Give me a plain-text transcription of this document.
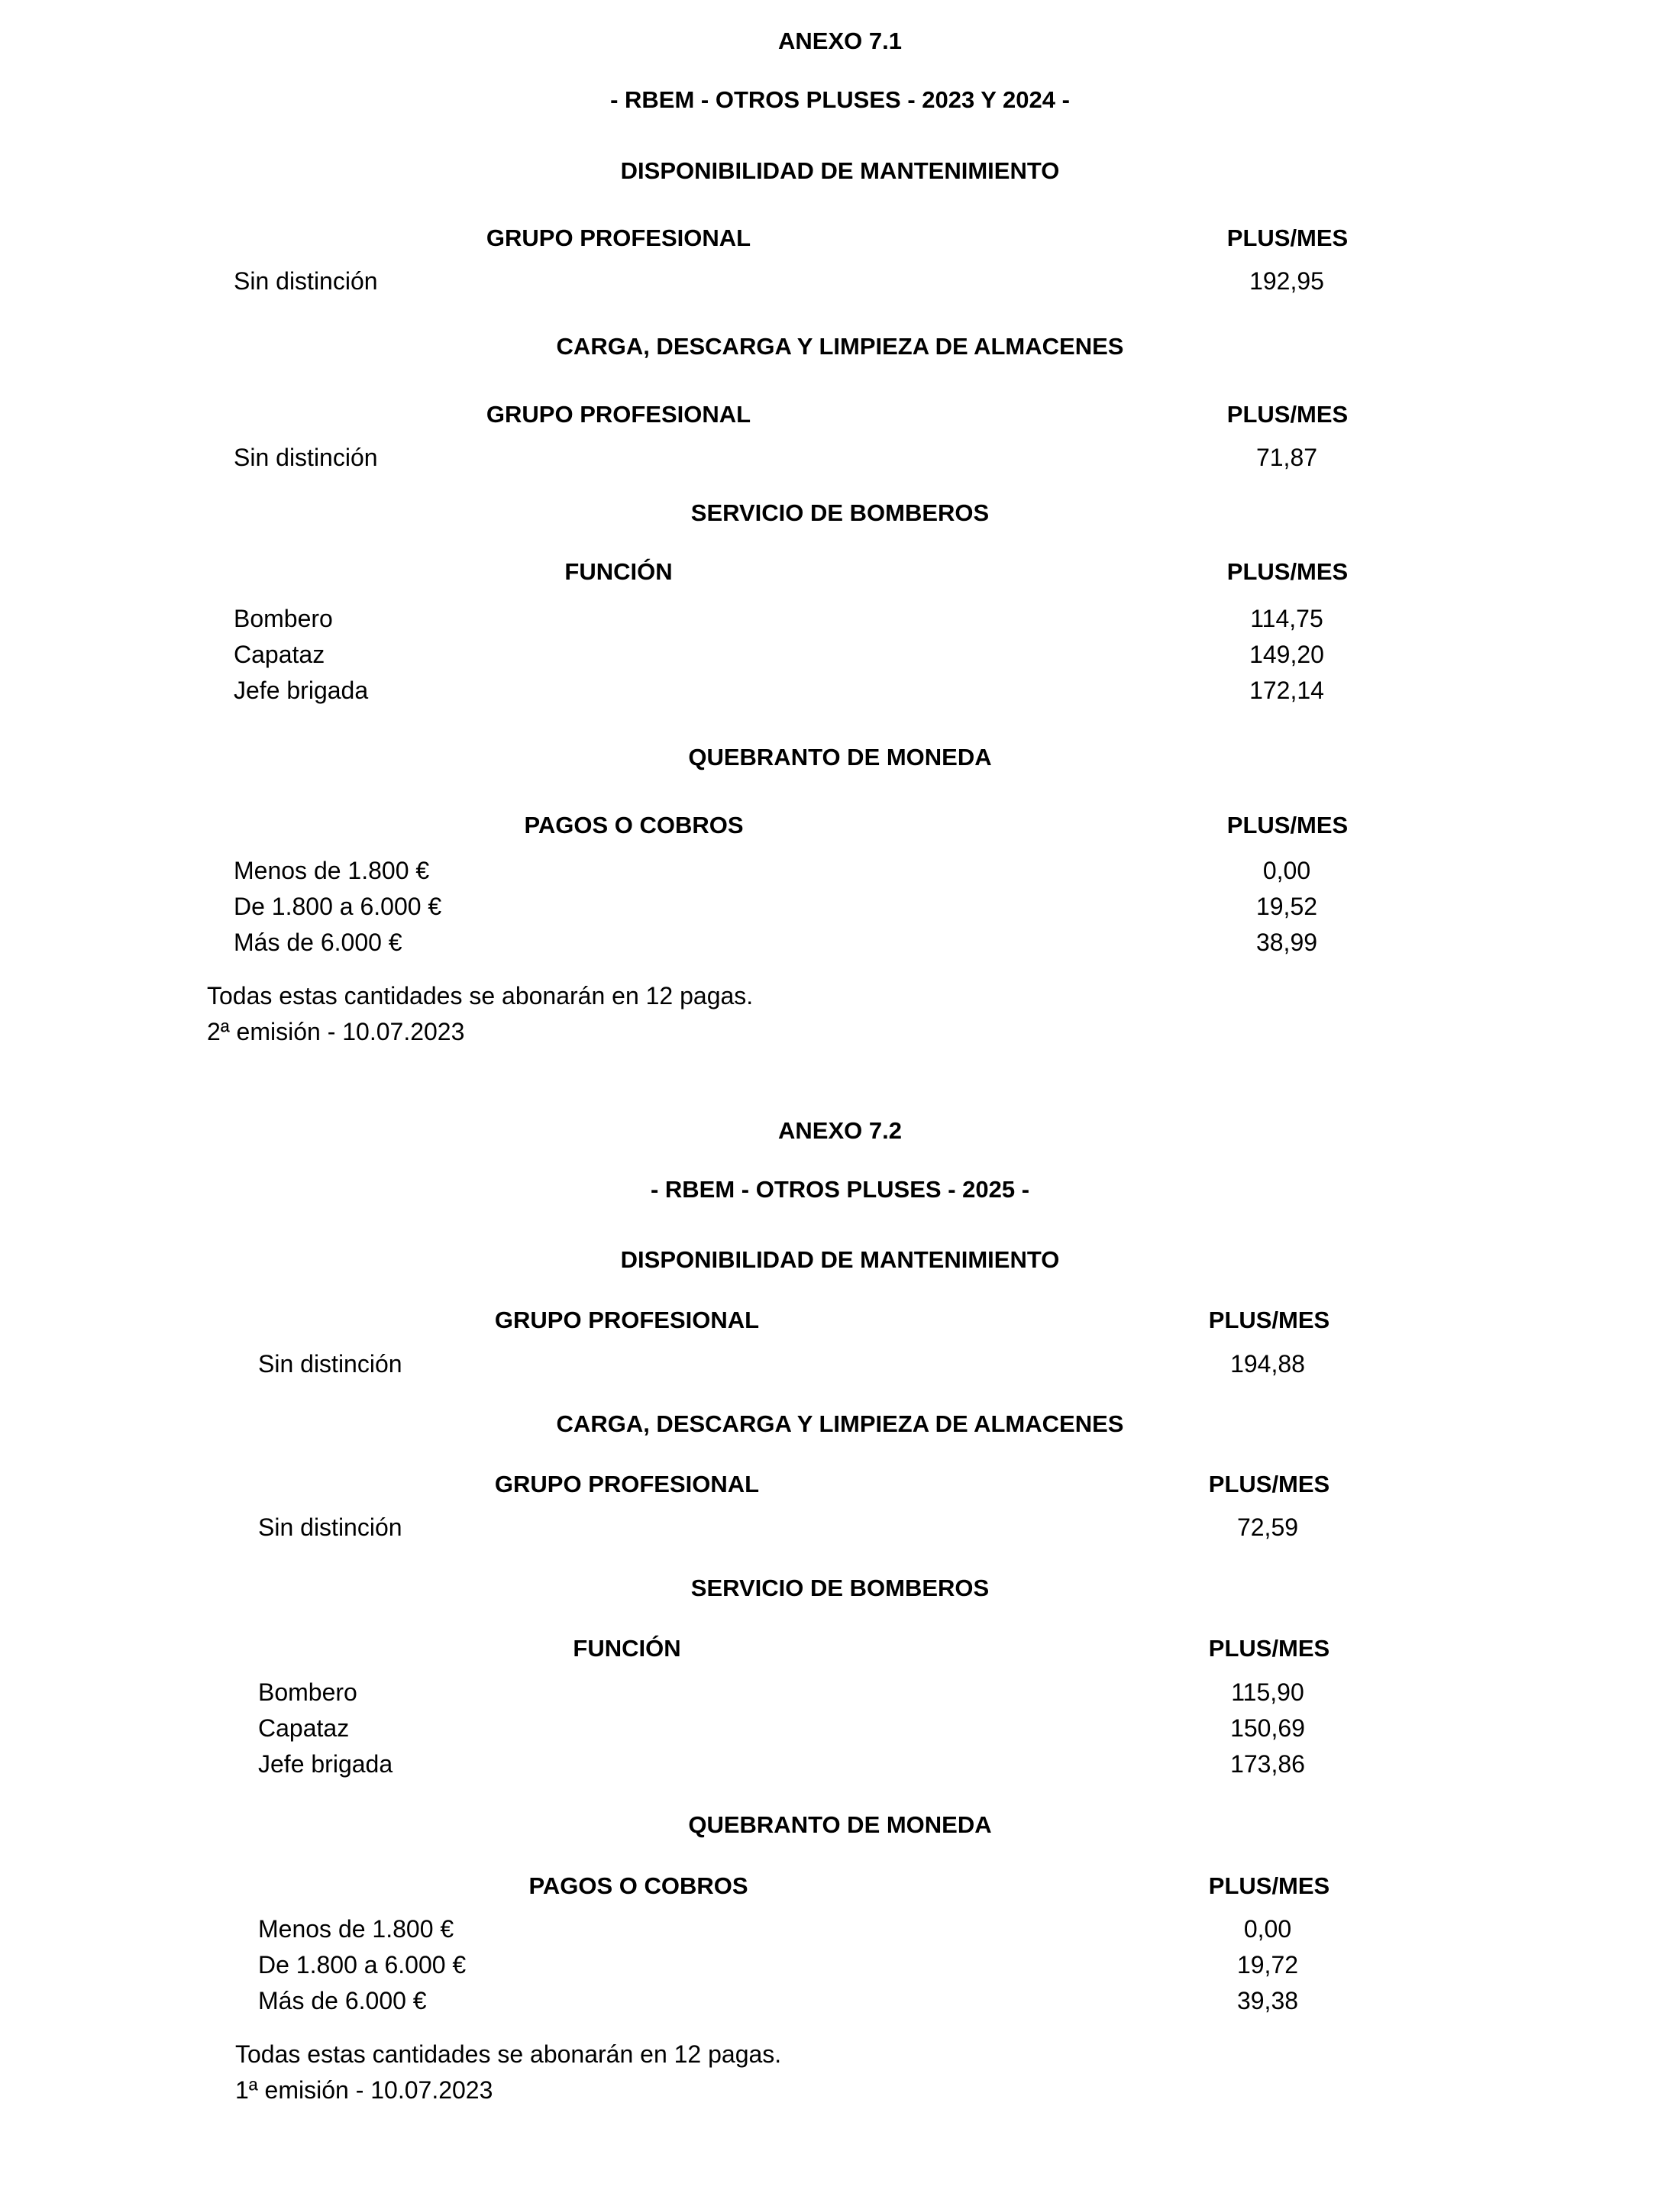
ANEXO 7.1
- RBEM - OTROS PLUSES - 2023 Y 2024 -
DISPONIBILIDAD DE MANTENIMIENTO
GRUPO PROFESIONAL	PLUS/MES
Sin distinción	192,95
CARGA, DESCARGA Y LIMPIEZA DE ALMACENES
GRUPO PROFESIONAL	PLUS/MES
Sin distinción	71,87
SERVICIO DE BOMBEROS
FUNCIÓN	PLUS/MES
Bombero	114,75
Capataz	149,20
Jefe brigada	172,14
QUEBRANTO DE MONEDA
PAGOS O COBROS	PLUS/MES
Menos de 1.800 €	0,00
De 1.800 a 6.000 €	19,52
Más de 6.000 €	38,99
Todas estas cantidades se abonarán en 12 pagas.
2ª emisión - 10.07.2023
ANEXO 7.2
- RBEM - OTROS PLUSES - 2025 -
DISPONIBILIDAD DE MANTENIMIENTO
GRUPO PROFESIONAL	PLUS/MES
Sin distinción	194,88
CARGA, DESCARGA Y LIMPIEZA DE ALMACENES
GRUPO PROFESIONAL	PLUS/MES
Sin distinción	72,59
SERVICIO DE BOMBEROS
FUNCIÓN	PLUS/MES
Bombero	115,90
Capataz	150,69
Jefe brigada	173,86
QUEBRANTO DE MONEDA
PAGOS O COBROS	PLUS/MES
Menos de 1.800 €	0,00
De 1.800 a 6.000 €	19,72
Más de 6.000 €	39,38
Todas estas cantidades se abonarán en 12 pagas.
1ª emisión - 10.07.2023
